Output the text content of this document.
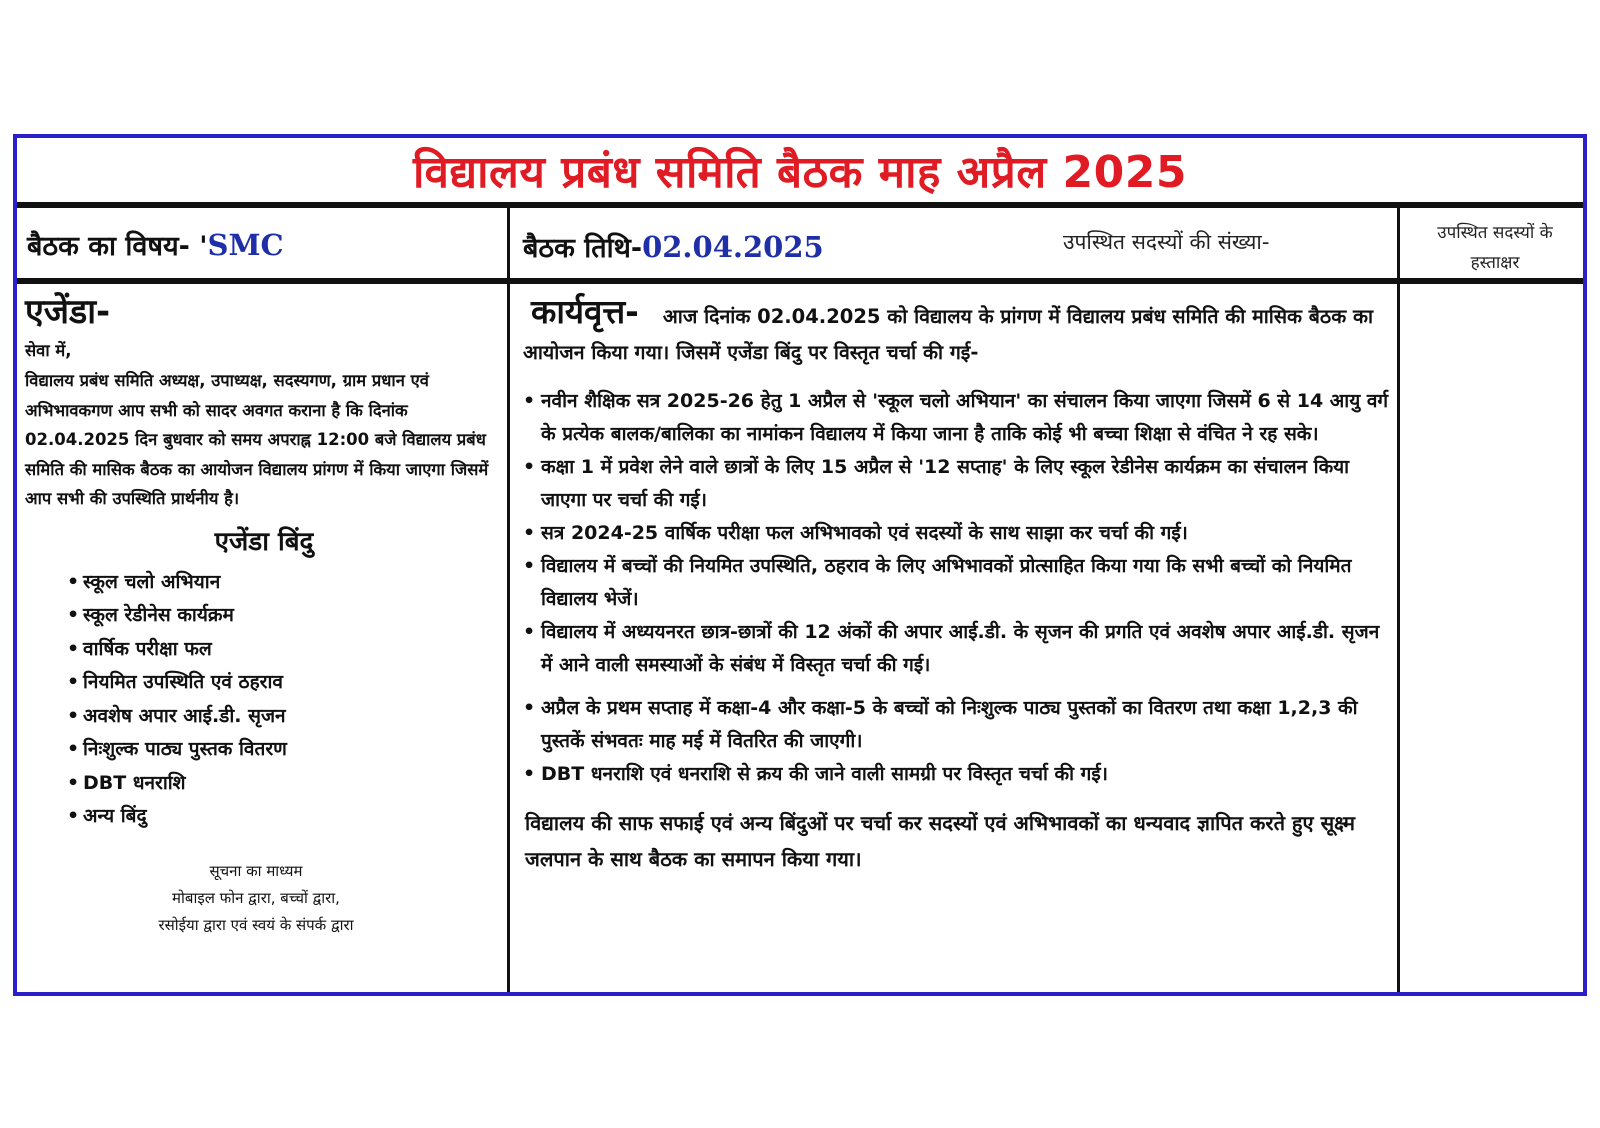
विद्यालय प्रबंध समिति बैठक माह अप्रैल 2025
बैठक का विषय- 'SMC	बैठक तिथि-02.04.2025	उपस्थित सदस्यों की संख्या-	उपस्थित सदस्यों के
हस्ताक्षर
एजेंडा-
सेवा में,
विद्यालय प्रबंध समिति अध्यक्ष, उपाध्यक्ष, सदस्यगण, ग्राम प्रधान एवं अभिभावकगण आप सभी को सादर अवगत कराना है कि दिनांक 02.04.2025 दिन बुधवार को समय अपराह्न 12:00 बजे विद्यालय प्रबंध समिति की मासिक बैठक का आयोजन विद्यालय प्रांगण में किया जाएगा जिसमें आप सभी की उपस्थिति प्रार्थनीय है।
एजेंडा बिंदु
• स्कूल चलो अभियान
• स्कूल रेडीनेस कार्यक्रम
• वार्षिक परीक्षा फल
• नियमित उपस्थिति एवं ठहराव
• अवशेष अपार आई.डी. सृजन
• निःशुल्क पाठ्य पुस्तक वितरण
• DBT धनराशि
• अन्य बिंदु
सूचना का माध्यम
मोबाइल फोन द्वारा, बच्चों द्वारा,
रसोईया द्वारा एवं स्वयं के संपर्क द्वारा
कार्यवृत्त- आज दिनांक 02.04.2025 को विद्यालय के प्रांगण में विद्यालय प्रबंध समिति की मासिक बैठक का आयोजन किया गया। जिसमें एजेंडा बिंदु पर विस्तृत चर्चा की गई-
• नवीन शैक्षिक सत्र 2025-26 हेतु 1 अप्रैल से 'स्कूल चलो अभियान' का संचालन किया जाएगा जिसमें 6 से 14 आयु वर्ग के प्रत्येक बालक/बालिका का नामांकन विद्यालय में किया जाना है ताकि कोई भी बच्चा शिक्षा से वंचित ने रह सके।
• कक्षा 1 में प्रवेश लेने वाले छात्रों के लिए 15 अप्रैल से '12 सप्ताह' के लिए स्कूल रेडीनेस कार्यक्रम का संचालन किया जाएगा पर चर्चा की गई।
• सत्र 2024-25 वार्षिक परीक्षा फल अभिभावको एवं सदस्यों के साथ साझा कर चर्चा की गई।
• विद्यालय में बच्चों की नियमित उपस्थिति, ठहराव के लिए अभिभावकों प्रोत्साहित किया गया कि सभी बच्चों को नियमित विद्यालय भेजें।
• विद्यालय में अध्ययनरत छात्र-छात्रों की 12 अंकों की अपार आई.डी. के सृजन की प्रगति एवं अवशेष अपार आई.डी. सृजन में आने वाली समस्याओं के संबंध में विस्तृत चर्चा की गई।
• अप्रैल के प्रथम सप्ताह में कक्षा-4 और कक्षा-5 के बच्चों को निःशुल्क पाठ्य पुस्तकों का वितरण तथा कक्षा 1,2,3 की पुस्तकें संभवतः माह मई में वितरित की जाएगी।
• DBT धनराशि एवं धनराशि से क्रय की जाने वाली सामग्री पर विस्तृत चर्चा की गई।
विद्यालय की साफ सफाई एवं अन्य बिंदुओं पर चर्चा कर सदस्यों एवं अभिभावकों का धन्यवाद ज्ञापित करते हुए सूक्ष्म जलपान के साथ बैठक का समापन किया गया।
